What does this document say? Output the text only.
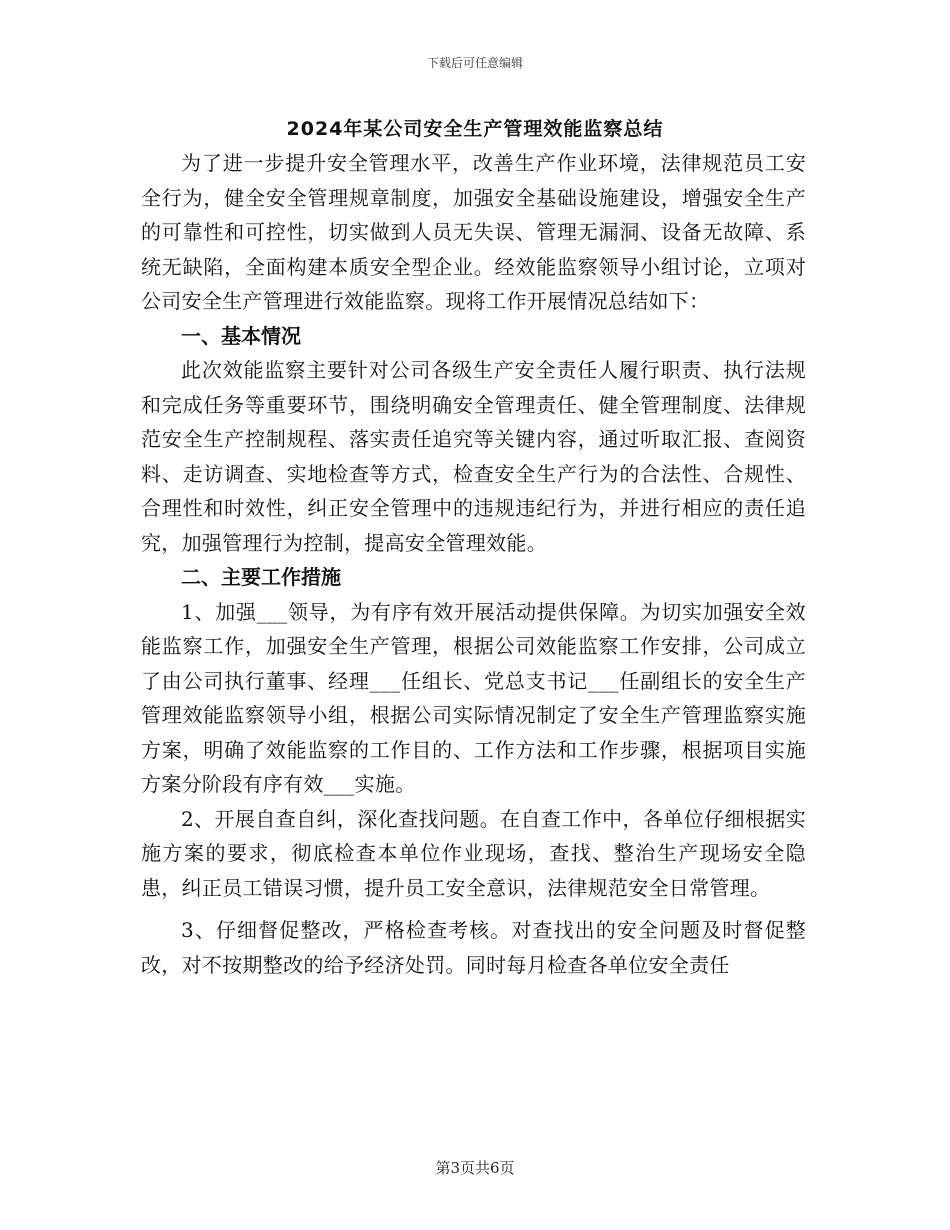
下载后可任意编辑
2024年某公司安全生产管理效能监察总结

为了进一步提升安全管理水平，改善生产作业环境，法律规范员工安全行为，健全安全管理规章制度，加强安全基础设施建设，增强安全生产的可靠性和可控性，切实做到人员无失误、管理无漏洞、设备无故障、系统无缺陷，全面构建本质安全型企业。经效能监察领导小组讨论，立项对公司安全生产管理进行效能监察。现将工作开展情况总结如下：

一、基本情况

此次效能监察主要针对公司各级生产安全责任人履行职责、执行法规和完成任务等重要环节，围绕明确安全管理责任、健全管理制度、法律规范安全生产控制规程、落实责任追究等关键内容，通过听取汇报、查阅资料、走访调查、实地检查等方式，检查安全生产行为的合法性、合规性、合理性和时效性，纠正安全管理中的违规违纪行为，并进行相应的责任追究，加强管理行为控制，提高安全管理效能。

二、主要工作措施

1、加强___领导，为有序有效开展活动提供保障。为切实加强安全效能监察工作，加强安全生产管理，根据公司效能监察工作安排，公司成立了由公司执行董事、经理___任组长、党总支书记___任副组长的安全生产管理效能监察领导小组，根据公司实际情况制定了安全生产管理监察实施方案，明确了效能监察的工作目的、工作方法和工作步骤，根据项目实施方案分阶段有序有效___实施。

2、开展自查自纠，深化查找问题。在自查工作中，各单位仔细根据实施方案的要求，彻底检查本单位作业现场，查找、整治生产现场安全隐患，纠正员工错误习惯，提升员工安全意识，法律规范安全日常管理。

3、仔细督促整改，严格检查考核。对查找出的安全问题及时督促整改，对不按期整改的给予经济处罚。同时每月检查各单位安全责任

第3页共6页
